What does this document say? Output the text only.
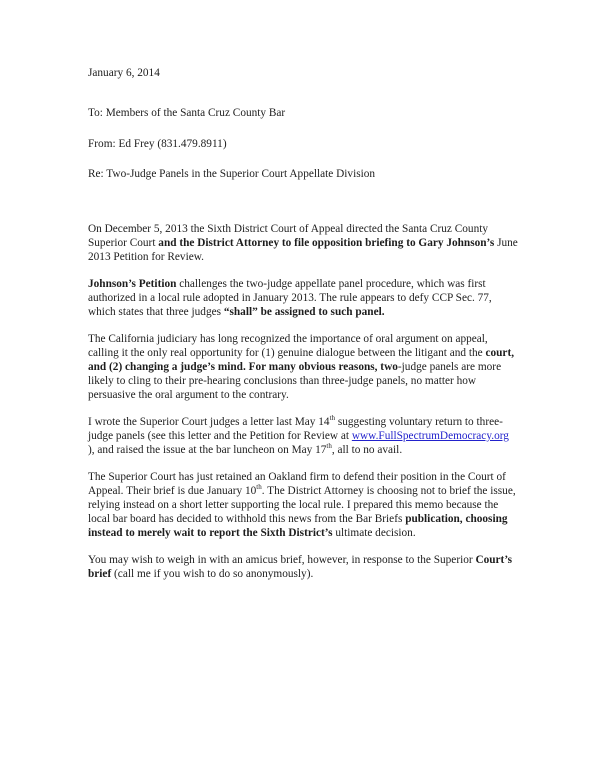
January 6, 2014

To: Members of the Santa Cruz County Bar

From: Ed Frey (831.479.8911)

Re: Two-Judge Panels in the Superior Court Appellate Division

On December 5, 2013 the Sixth District Court of Appeal directed the Santa Cruz County Superior Court and the District Attorney to file opposition briefing to Gary Johnson’s June 2013 Petition for Review.

Johnson’s Petition challenges the two-judge appellate panel procedure, which was first authorized in a local rule adopted in January 2013. The rule appears to defy CCP Sec. 77, which states that three judges “shall” be assigned to such panel.

The California judiciary has long recognized the importance of oral argument on appeal, calling it the only real opportunity for (1) genuine dialogue between the litigant and the court, and (2) changing a judge’s mind. For many obvious reasons, two-judge panels are more likely to cling to their pre-hearing conclusions than three-judge panels, no matter how persuasive the oral argument to the contrary.

I wrote the Superior Court judges a letter last May 14th suggesting voluntary return to three-judge panels (see this letter and the Petition for Review at www.FullSpectrumDemocracy.org ), and raised the issue at the bar luncheon on May 17th, all to no avail.

The Superior Court has just retained an Oakland firm to defend their position in the Court of Appeal. Their brief is due January 10th. The District Attorney is choosing not to brief the issue, relying instead on a short letter supporting the local rule. I prepared this memo because the local bar board has decided to withhold this news from the Bar Briefs publication, choosing instead to merely wait to report the Sixth District’s ultimate decision.

You may wish to weigh in with an amicus brief, however, in response to the Superior Court’s brief (call me if you wish to do so anonymously).
